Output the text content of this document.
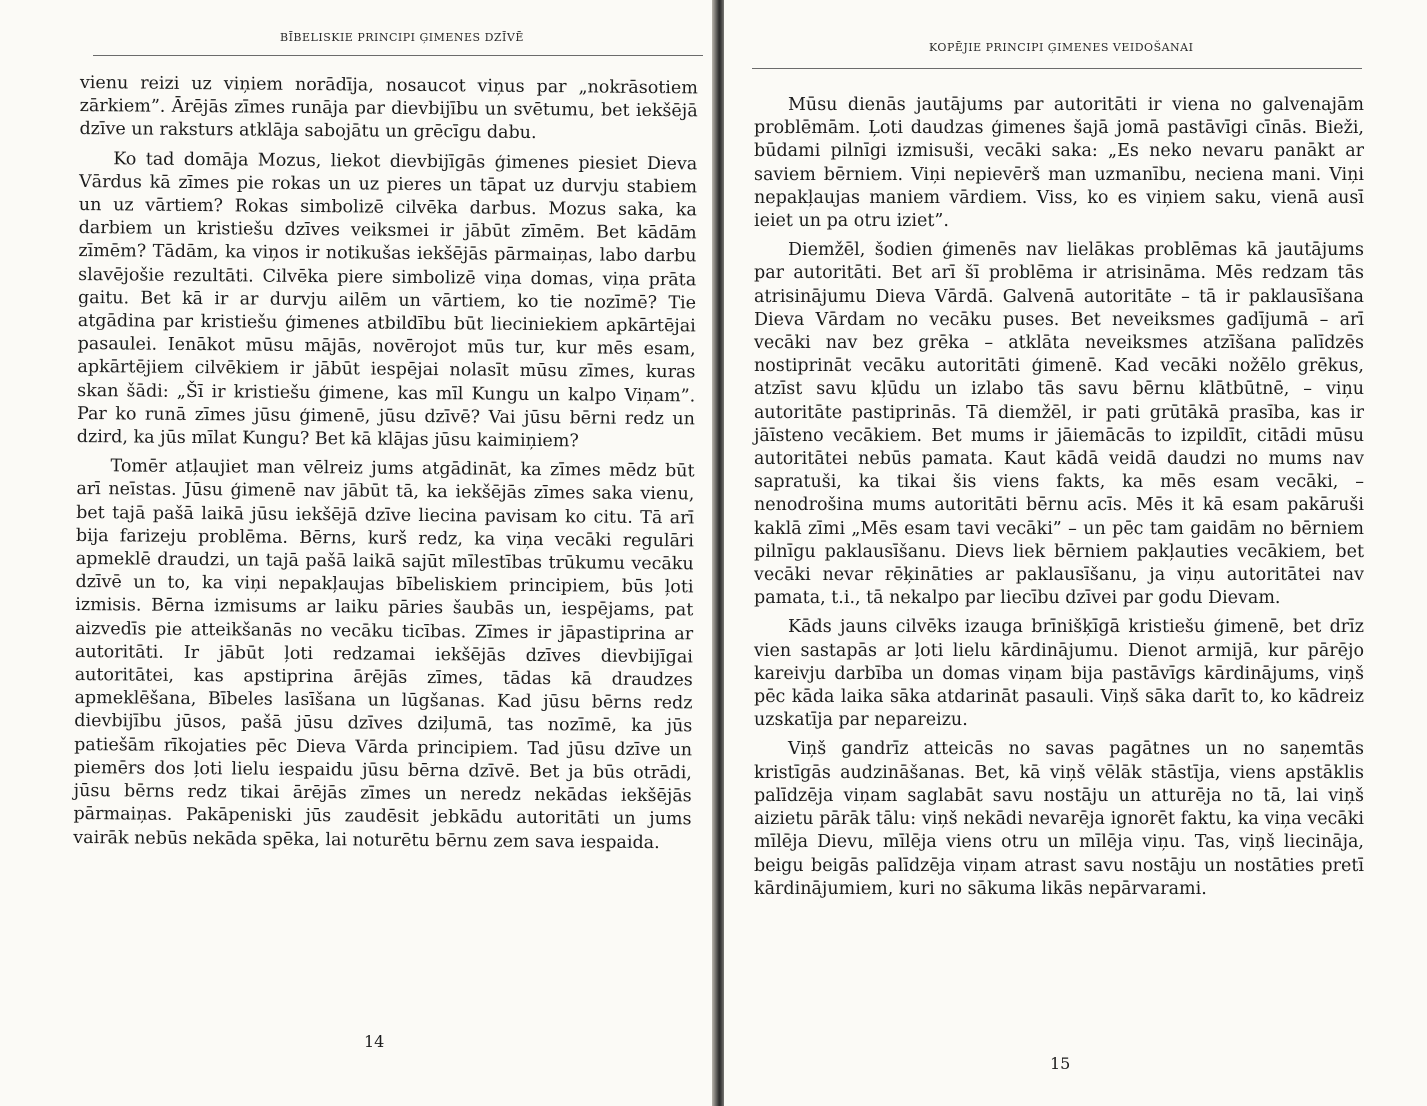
BĪBELISKIE PRINCIPI ĢIMENES DZĪVĒ

vienu reizi uz viņiem norādīja, nosaucot viņus par „nokrāsotiem zārkiem”. Ārējās zīmes runāja par dievbijību un svētumu, bet iekšējā dzīve un raksturs atklāja sabojātu un grēcīgu dabu.

Ko tad domāja Mozus, liekot dievbijīgās ģimenes piesiet Dieva Vārdus kā zīmes pie rokas un uz pieres un tāpat uz durvju stabiem un uz vārtiem? Rokas simbolizē cilvēka darbus. Mozus saka, ka darbiem un kristiešu dzīves veiksmei ir jābūt zīmēm. Bet kādām zīmēm? Tādām, ka viņos ir notikušas iekšējās pārmaiņas, labo darbu slavējošie rezultāti. Cilvēka piere simbolizē viņa domas, viņa prāta gaitu. Bet kā ir ar durvju ailēm un vārtiem, ko tie nozīmē? Tie atgādina par kristiešu ģimenes atbildību būt lieciniekiem apkārtējai pasaulei. Ienākot mūsu mājās, novērojot mūs tur, kur mēs esam, apkārtējiem cilvēkiem ir jābūt iespējai nolasīt mūsu zīmes, kuras skan šādi: „Šī ir kristiešu ģimene, kas mīl Kungu un kalpo Viņam”. Par ko runā zīmes jūsu ģimenē, jūsu dzīvē? Vai jūsu bērni redz un dzird, ka jūs mīlat Kungu? Bet kā klājas jūsu kaimiņiem?

Tomēr atļaujiet man vēlreiz jums atgādināt, ka zīmes mēdz būt arī neīstas. Jūsu ģimenē nav jābūt tā, ka iekšējās zīmes saka vienu, bet tajā pašā laikā jūsu iekšējā dzīve liecina pavisam ko citu. Tā arī bija farizeju problēma. Bērns, kurš redz, ka viņa vecāki regulāri apmeklē draudzi, un tajā pašā laikā sajūt mīlestības trūkumu vecāku dzīvē un to, ka viņi nepakļaujas bībeliskiem principiem, būs ļoti izmisis. Bērna izmisums ar laiku pāries šaubās un, iespējams, pat aizvedīs pie atteikšanās no vecāku ticības. Zīmes ir jāpastiprina ar autoritāti. Ir jābūt ļoti redzamai iekšējās dzīves dievbijīgai autoritātei, kas apstiprina ārējās zīmes, tādas kā draudzes apmeklēšana, Bībeles lasīšana un lūgšanas. Kad jūsu bērns redz dievbijību jūsos, pašā jūsu dzīves dziļumā, tas nozīmē, ka jūs patiešām rīkojaties pēc Dieva Vārda principiem. Tad jūsu dzīve un piemērs dos ļoti lielu iespaidu jūsu bērna dzīvē. Bet ja būs otrādi, jūsu bērns redz tikai ārējās zīmes un neredz nekādas iekšējās pārmaiņas. Pakāpeniski jūs zaudēsit jebkādu autoritāti un jums vairāk nebūs nekāda spēka, lai noturētu bērnu zem sava iespaida.

14
KOPĒJIE PRINCIPI ĢIMENES VEIDOŠANAI

Mūsu dienās jautājums par autoritāti ir viena no galvenajām problēmām. Ļoti daudzas ģimenes šajā jomā pastāvīgi cīnās. Bieži, būdami pilnīgi izmisuši, vecāki saka: „Es neko nevaru panākt ar saviem bērniem. Viņi nepievērš man uzmanību, neciena mani. Viņi nepakļaujas maniem vārdiem. Viss, ko es viņiem saku, vienā ausī ieiet un pa otru iziet”.

Diemžēl, šodien ģimenēs nav lielākas problēmas kā jautājums par autoritāti. Bet arī šī problēma ir atrisināma. Mēs redzam tās atrisinājumu Dieva Vārdā. Galvenā autoritāte – tā ir paklausīšana Dieva Vārdam no vecāku puses. Bet neveiksmes gadījumā – arī vecāki nav bez grēka – atklāta neveiksmes atzīšana palīdzēs nostiprināt vecāku autoritāti ģimenē. Kad vecāki nožēlo grēkus, atzīst savu kļūdu un izlabo tās savu bērnu klātbūtnē, – viņu autoritāte pastiprinās. Tā diemžēl, ir pati grūtākā prasība, kas ir jāīsteno vecākiem. Bet mums ir jāiemācās to izpildīt, citādi mūsu autoritātei nebūs pamata. Kaut kādā veidā daudzi no mums nav sapratuši, ka tikai šis viens fakts, ka mēs esam vecāki, – nenodrošina mums autoritāti bērnu acīs. Mēs it kā esam pakāruši kaklā zīmi „Mēs esam tavi vecāki” – un pēc tam gaidām no bērniem pilnīgu paklausīšanu. Dievs liek bērniem pakļauties vecākiem, bet vecāki nevar rēķināties ar paklausīšanu, ja viņu autoritātei nav pamata, t.i., tā nekalpo par liecību dzīvei par godu Dievam.

Kāds jauns cilvēks izauga brīnišķīgā kristiešu ģimenē, bet drīz vien sastapās ar ļoti lielu kārdinājumu. Dienot armijā, kur pārējo kareivju darbība un domas viņam bija pastāvīgs kārdinājums, viņš pēc kāda laika sāka atdarināt pasauli. Viņš sāka darīt to, ko kādreiz uzskatīja par nepareizu.

Viņš gandrīz atteicās no savas pagātnes un no saņemtās kristīgās audzināšanas. Bet, kā viņš vēlāk stāstīja, viens apstāklis palīdzēja viņam saglabāt savu nostāju un atturēja no tā, lai viņš aizietu pārāk tālu: viņš nekādi nevarēja ignorēt faktu, ka viņa vecāki mīlēja Dievu, mīlēja viens otru un mīlēja viņu. Tas, viņš liecināja, beigu beigās palīdzēja viņam atrast savu nostāju un nostāties pretī kārdinājumiem, kuri no sākuma likās nepārvarami.

15
